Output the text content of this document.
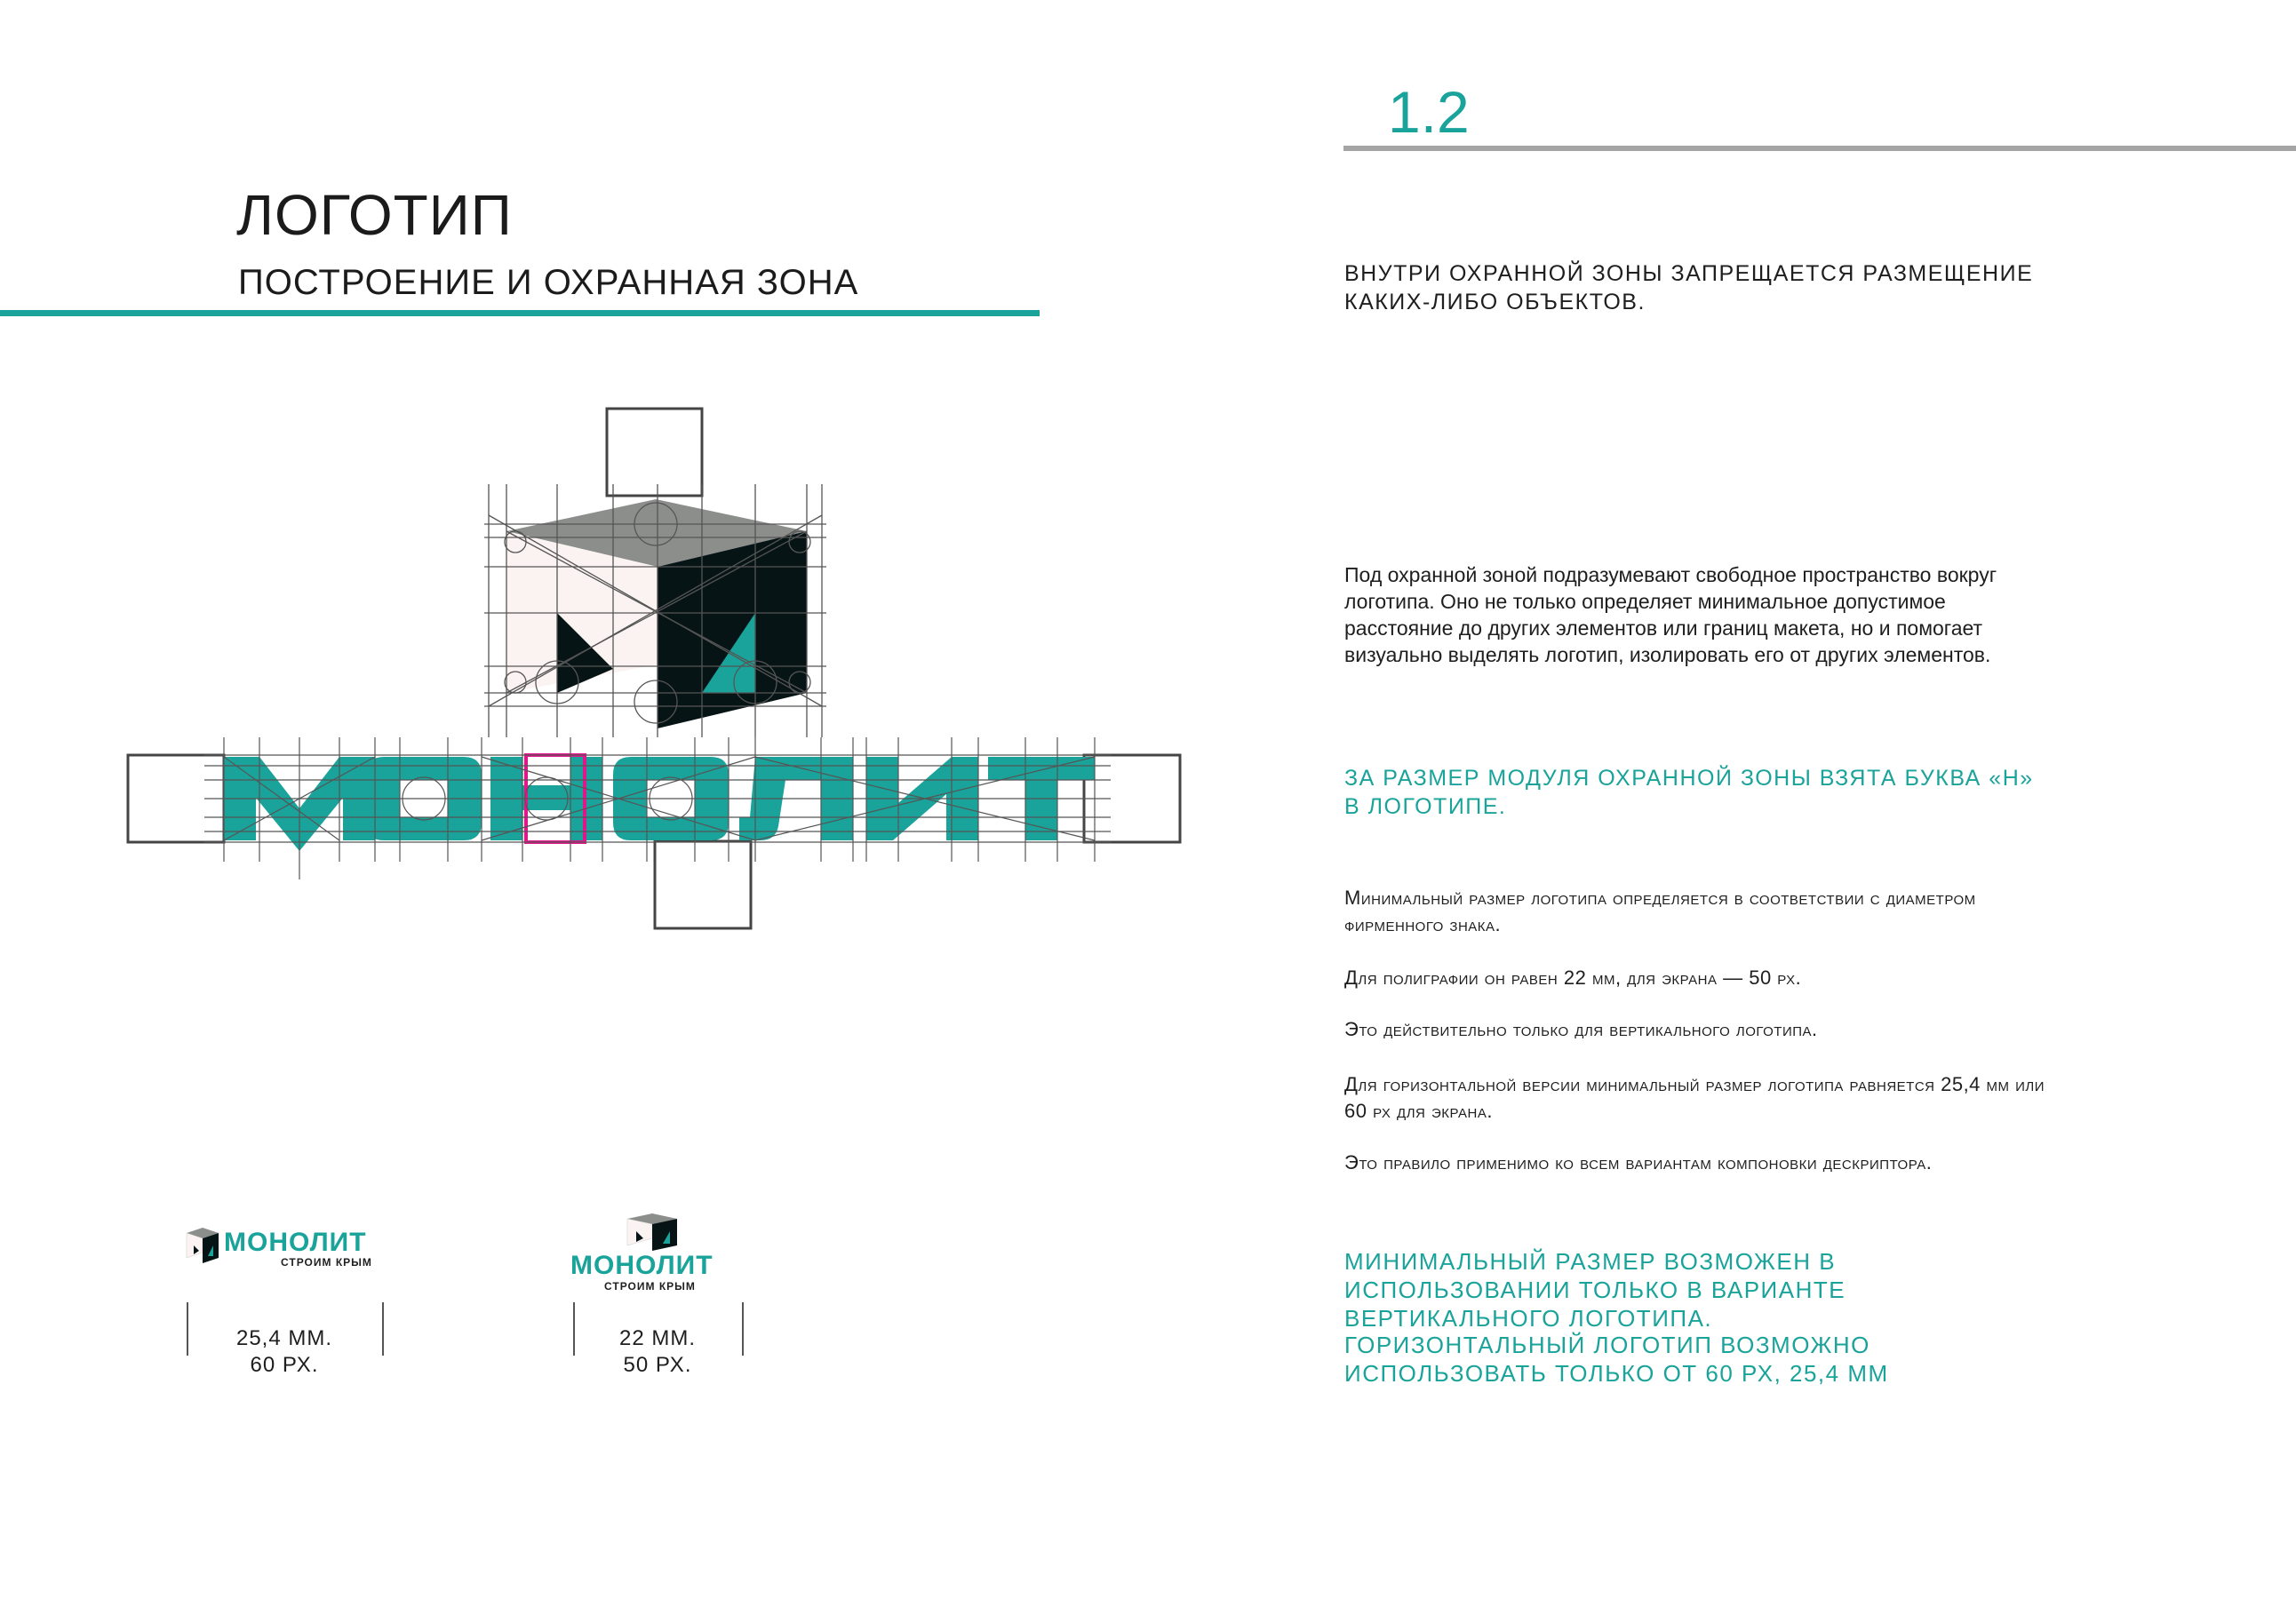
ЛОГОТИП
ПОСТРОЕНИЕ И ОХРАННАЯ ЗОНА
1.2
МОНОЛИТ
СТРОИМ КРЫМ	МОНОЛИТ
СТРОИМ КРЫМ
25,4 ММ.
60 РХ.
22 ММ.
50 РХ.
ВНУТРИ ОХРАННОЙ ЗОНЫ ЗАПРЕЩАЕТСЯ РАЗМЕЩЕНИЕ КАКИХ-ЛИБО ОБЪЕКТОВ.
Под охранной зоной подразумевают свободное пространство вокруг логотипа. Оно не только определяет минимальное допустимое расстояние до других элементов или границ макета, но и помогает визуально выделять логотип, изолировать его от других элементов.
ЗА РАЗМЕР МОДУЛЯ ОХРАННОЙ ЗОНЫ ВЗЯТА БУКВА «Н» В ЛОГОТИПЕ.
Минимальный размер логотипа определяется в соответствии с диаметром фирменного знака.
Для полиграфии он равен 22 мм, для экрана — 50 рх.
Это действительно только для вертикального логотипа.
Для горизонтальной версии минимальный размер логотипа равняется 25,4 мм или 60 рх для экрана.
Это правило применимо ко всем вариантам компоновки дескриптора.
МИНИМАЛЬНЫЙ РАЗМЕР ВОЗМОЖЕН В ИСПОЛЬЗОВАНИИ ТОЛЬКО В ВАРИАНТЕ ВЕРТИКАЛЬНОГО ЛОГОТИПА.
ГОРИЗОНТАЛЬНЫЙ ЛОГОТИП ВОЗМОЖНО ИСПОЛЬЗОВАТЬ ТОЛЬКО ОТ 60 РХ, 25,4 ММ
